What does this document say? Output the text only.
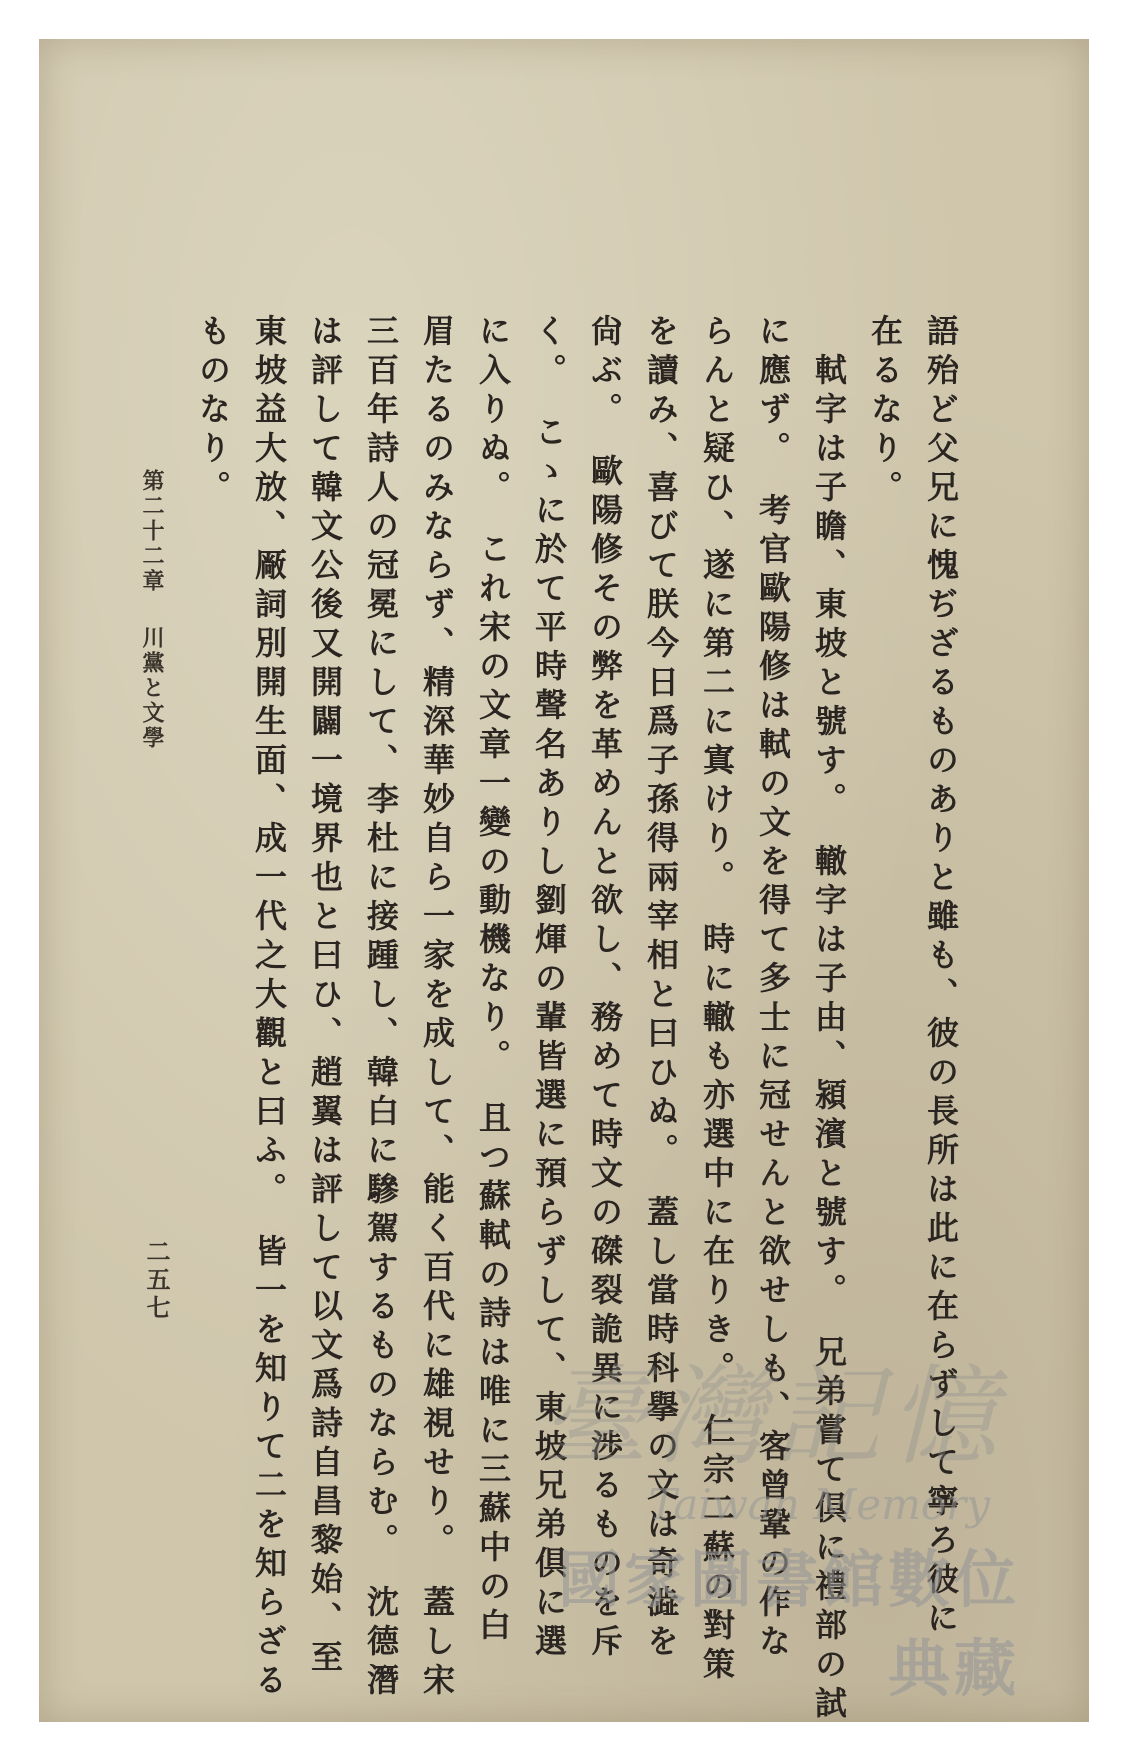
語殆ど父兄に愧ぢざるものありと雖も、彼の長所は此に在らずして寧ろ彼に
在るなり。
　軾字は子瞻、東坡と號す。　轍字は子由、潁濱と號す。　兄弟嘗て倶に禮部の試
に應ず。　考官歐陽修は軾の文を得て多士に冠せんと欲せしも、客曾鞏の作な
らんと疑ひ、遂に第二に寘けり。　時に轍も亦選中に在りき。　仁宗二蘇の對策
を讀み、喜びて朕今日爲子孫得兩宰相と曰ひぬ。　蓋し當時科擧の文は奇澁を
尙ぶ。　歐陽修その弊を革めんと欲し、務めて時文の磔裂詭異に渉るものを斥
く。　こゝに於て平時聲名ありし劉煇の輩皆選に預らずして、東坡兄弟倶に選
に入りぬ。　これ宋の文章一變の動機なり。　且つ蘇軾の詩は唯に三蘇中の白
眉たるのみならず、精深華妙自ら一家を成して、能く百代に雄視せり。　蓋し宋
三百年詩人の冠冕にして、李杜に接踵し、韓白に驂駕するものならむ。　沈德潛
は評して韓文公後又開闢一境界也と曰ひ、趙翼は評して以文爲詩自昌黎始、至
東坡益大放、厰詞別開生面、成一代之大觀と曰ふ。　皆一を知りて二を知らざる
ものなり。
第二十二章川黨と文學
二五七
臺灣記憶
Taiwan Memory
國家圖書館數位典藏
